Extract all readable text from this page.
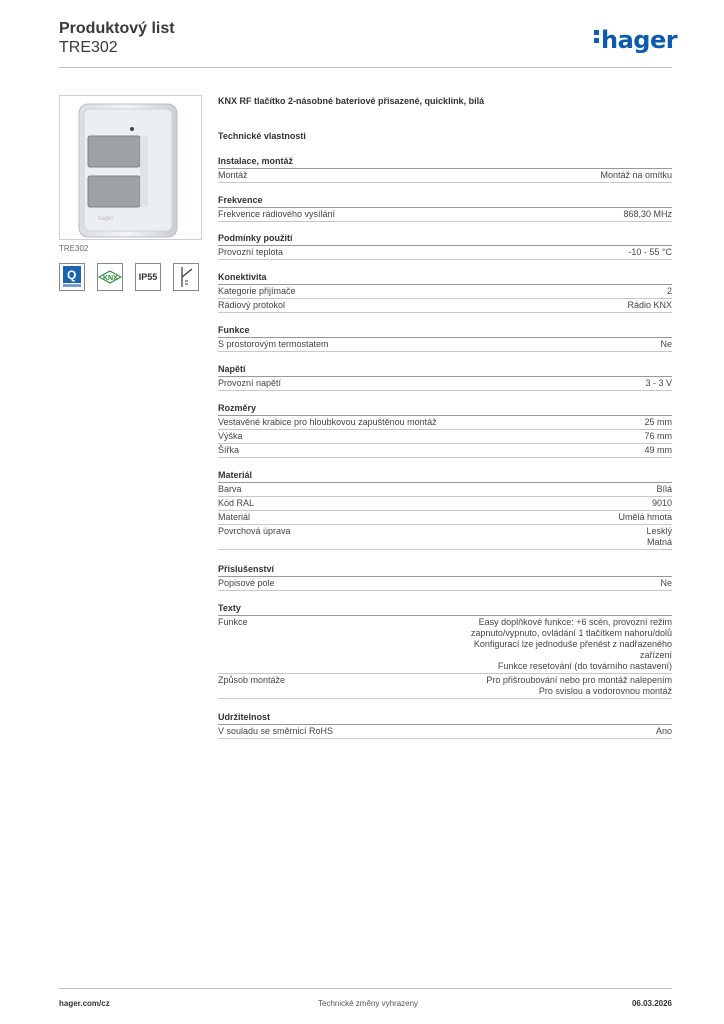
Produktový list
TRE302	hager
hager
TRE302
Q	KNX	IP55
KNX RF tlačítko 2-násobné bateriové přisazené, quicklink, bílá
Technické vlastnosti
Instalace, montáž
Montáž	Montáž na omítku
Frekvence
Frekvence rádiového vysílání	868,30 MHz
Podmínky použití
Provozní teplota	-10 - 55 °C
Konektivita
Kategorie přijímače	2
Rádiový protokol	Rádio KNX
Funkce
S prostorovým termostatem	Ne
Napětí
Provozní napětí	3 - 3 V
Rozměry
Vestavěné krabice pro hloubkovou zapuštěnou montáž	25 mm
Výška	76 mm
Šířka	49 mm
Materiál
Barva	Bílá
Kód RAL	9010
Materiál	Umělá hmota
Povrchová úprava	Lesklý
Matná
Příslušenství
Popisové pole	Ne
Texty
Funkce	Easy doplňkové funkce: +6 scén, provozní režim
zapnuto/vypnuto, ovládání 1 tlačítkem nahoru/dolů
Konfigurací lze jednoduše přenést z nadřazeného
zařízení
Funkce resetování (do továrního nastavení)
Způsob montáže	Pro přišroubování nebo pro montáž nalepením
Pro svislou a vodorovnou montáž
Udržitelnost
V souladu se směrnicí RoHS	Ano
hager.com/cz	Technické změny vyhrazeny	06.03.2026
